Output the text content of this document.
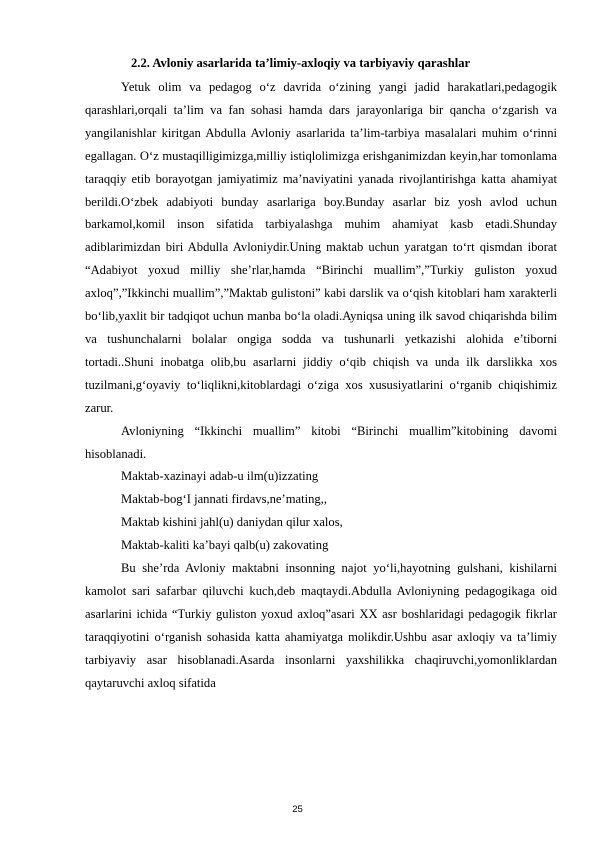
2.2. Avloniy asarlarida ta’limiy-axloqiy va tarbiyaviy qarashlar

Yetuk olim va pedagog o‘z davrida o‘zining yangi jadid harakatlari,pedagogik qarashlari,orqali ta’lim va fan sohasi hamda dars jarayonlariga bir qancha o‘zgarish va yangilanishlar kiritgan Abdulla Avloniy asarlarida ta’lim-tarbiya masalalari muhim o‘rinni egallagan. O‘z mustaqilligimizga,milliy istiqlolimizga erishganimizdan keyin,har tomonlama taraqqiy etib borayotgan jamiyatimiz ma’naviyatini yanada rivojlantirishga katta ahamiyat berildi.O‘zbek adabiyoti bunday asarlariga boy.Bunday asarlar biz yosh avlod uchun barkamol,komil inson sifatida tarbiyalashga muhim ahamiyat kasb etadi.Shunday adiblarimizdan biri Abdulla Avloniydir.Uning maktab uchun yaratgan to‘rt qismdan iborat “Adabiyot yoxud milliy she’rlar,hamda “Birinchi muallim”,”Turkiy guliston yoxud axloq”,”Ikkinchi muallim”,”Maktab gulistoni” kabi darslik va o‘qish kitoblari ham xarakterli bo‘lib,yaxlit bir tadqiqot uchun manba bo‘la oladi.Ayniqsa uning ilk savod chiqarishda bilim va tushunchalarni bolalar ongiga sodda va tushunarli yetkazishi alohida e’tiborni tortadi..Shuni inobatga olib,bu asarlarni jiddiy o‘qib chiqish va unda ilk darslikka xos tuzilmani,g‘oyaviy to‘liqlikni,kitoblardagi o‘ziga xos xususiyatlarini o‘rganib chiqishimiz zarur.

Avloniyning “Ikkinchi muallim” kitobi “Birinchi muallim”kitobining davomi hisoblanadi.

Maktab-xazinayi adab-u ilm(u)izzating

Maktab-bog‘I jannati firdavs,ne’mating,,

Maktab kishini jahl(u) daniydan qilur xalos,

Maktab-kaliti ka’bayi qalb(u) zakovating

Bu she’rda Avloniy maktabni insonning najot yo‘li,hayotning gulshani, kishilarni kamolot sari safarbar qiluvchi kuch,deb maqtaydi.Abdulla Avloniyning pedagogikaga oid asarlarini ichida “Turkiy guliston yoxud axloq”asari XX asr boshlaridagi pedagogik fikrlar taraqqiyotini o‘rganish sohasida katta ahamiyatga molikdir.Ushbu asar axloqiy va ta’limiy tarbiyaviy asar hisoblanadi.Asarda insonlarni yaxshilikka chaqiruvchi,yomonliklardan qaytaruvchi axloq sifatida

25
